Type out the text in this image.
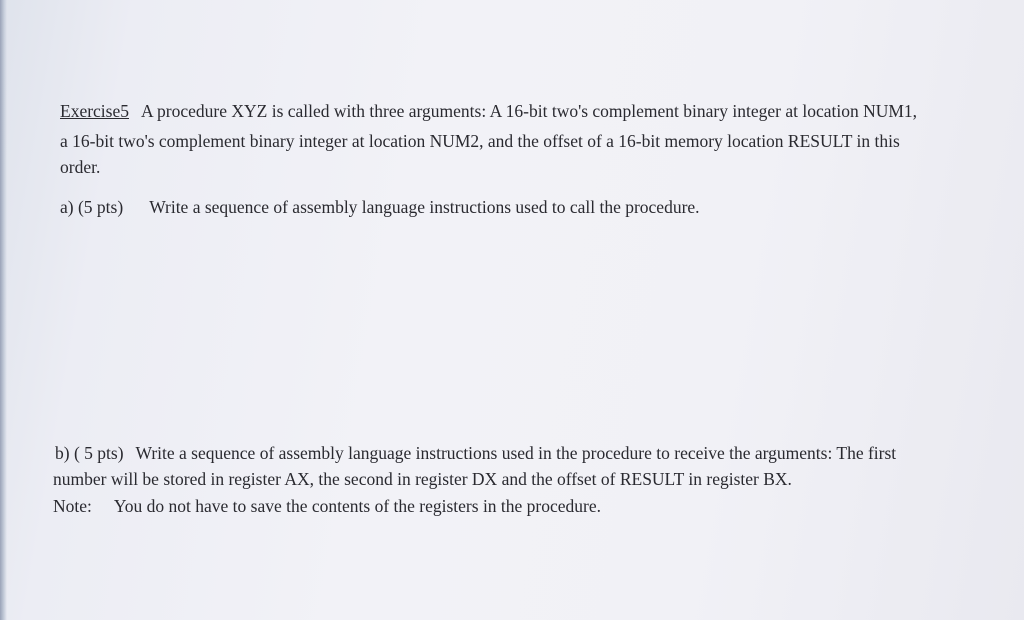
Exercise5 A procedure XYZ is called with three arguments: A 16-bit two's complement binary integer at location NUM1,
a 16-bit two's complement binary integer at location NUM2, and the offset of a 16-bit memory location RESULT in this
order.
a) (5 pts) Write a sequence of assembly language instructions used to call the procedure.
b) ( 5 pts) Write a sequence of assembly language instructions used in the procedure to receive the arguments: The first
number will be stored in register AX, the second in register DX and the offset of RESULT in register BX.
Note: You do not have to save the contents of the registers in the procedure.
